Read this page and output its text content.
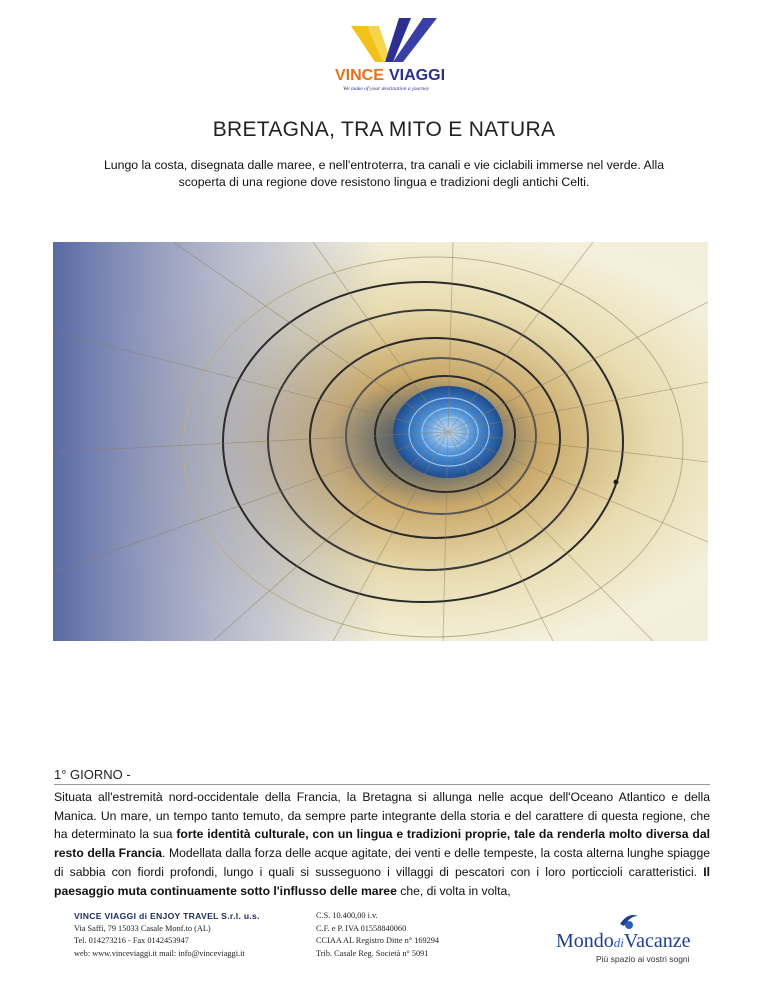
VINCE VIAGGI
We make of your destination a journey
BRETAGNA, TRA MITO E NATURA
Lungo la costa, disegnata dalle maree, e nell'entroterra, tra canali e vie ciclabili immerse nel verde. Alla scoperta di una regione dove resistono lingua e tradizioni degli antichi Celti.
1° GIORNO -
Situata all'estremità nord-occidentale della Francia, la Bretagna si allunga nelle acque dell'Oceano Atlantico e della Manica. Un mare, un tempo tanto temuto, da sempre parte integrante della storia e del carattere di questa regione, che ha determinato la sua forte identità culturale, con un lingua e tradizioni proprie, tale da renderla molto diversa dal resto della Francia. Modellata dalla forza delle acque agitate, dei venti e delle tempeste, la costa alterna lunghe spiagge di sabbia con fiordi profondi, lungo i quali si susseguono i villaggi di pescatori con i loro porticcioli caratteristici. Il paesaggio muta continuamente sotto l'influsso delle maree che, di volta in volta,
VINCE VIAGGI di ENJOY TRAVEL S.r.l. u.s.
Via Saffi, 79 15033 Casale Monf.to (AL)
Tel. 014273216 - Fax 0142453947
web: www.vinceviaggi.it mail: info@vinceviaggi.it
C.S. 10.400,00 i.v.
C.F. e P. IVA 01558840060
CCIAA AL Registro Ditte n° 169294
Trib. Casale Reg. Società n° 5091
MondodiVacanze
Più spazio ai vostri sogni
